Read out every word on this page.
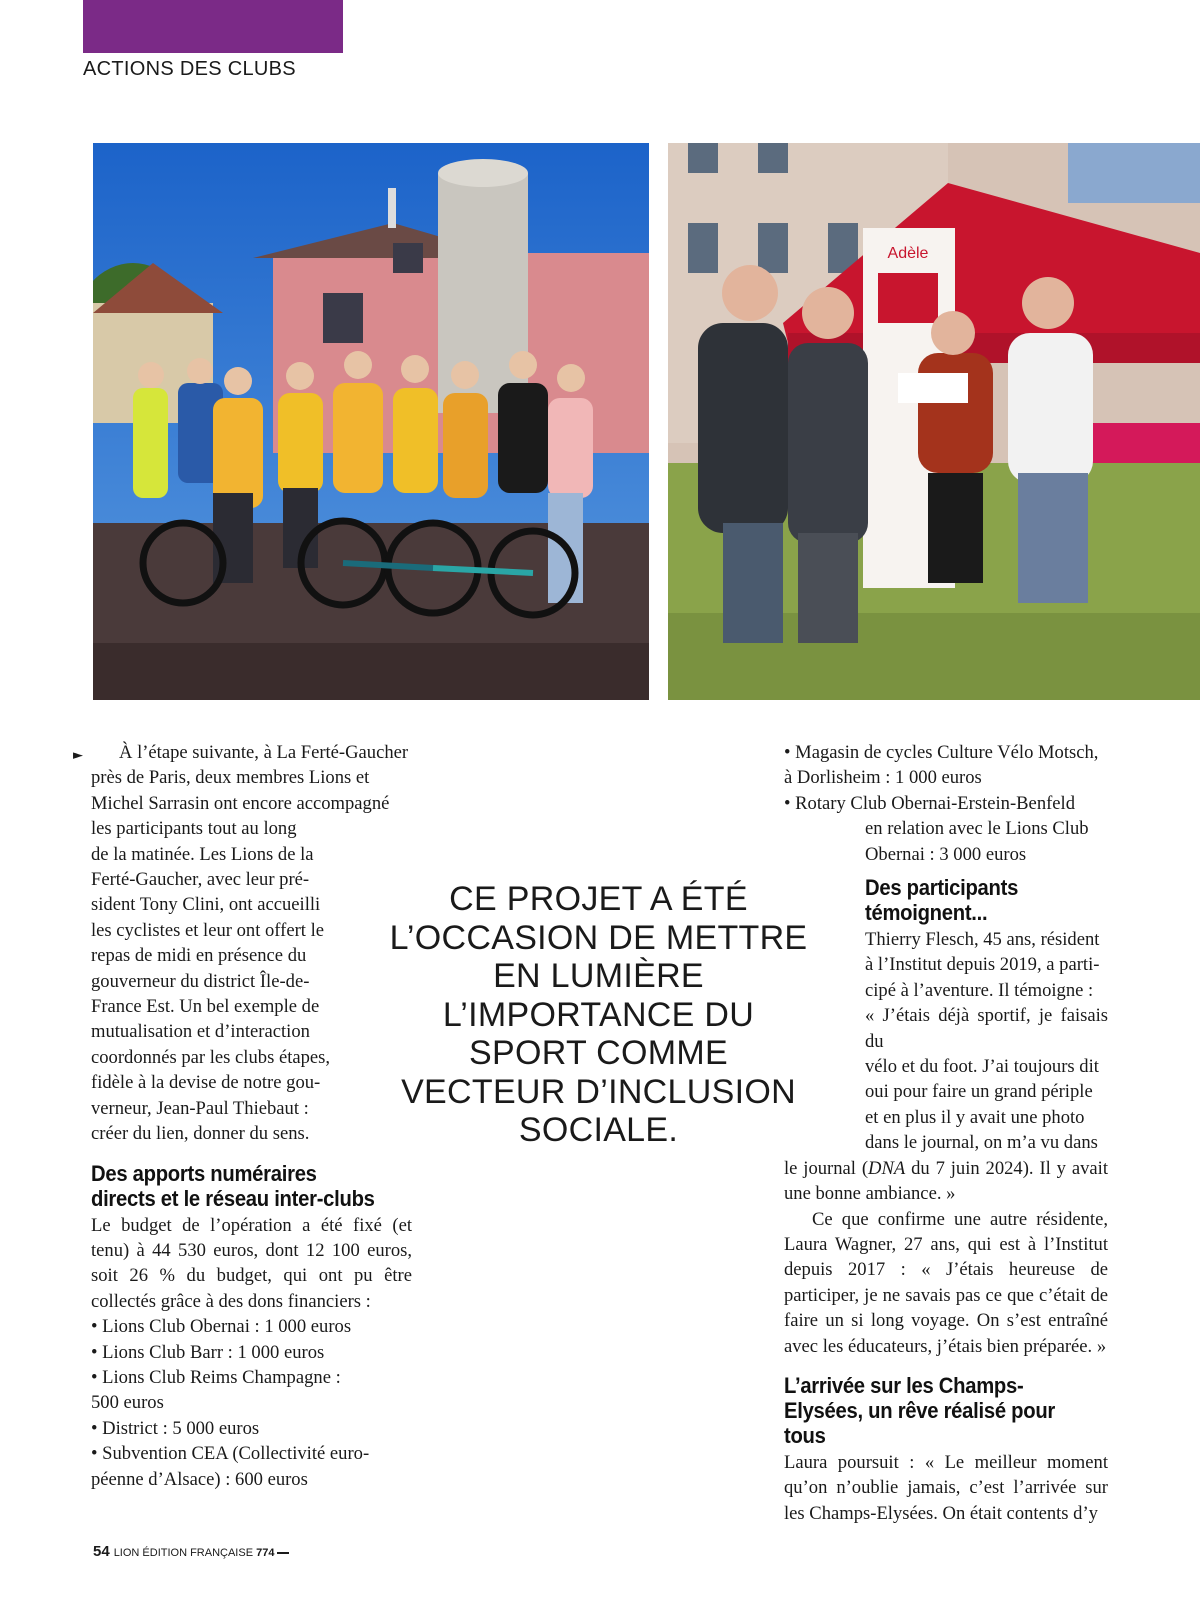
ACTIONS DES CLUBS
Adèle
►	À l’étape suivante, à La Ferté-Gaucher

près de Paris, deux membres Lions et

Michel Sarrasin ont encore accompagné

les participants tout au long

de la matinée. Les Lions de la

Ferté-Gaucher, avec leur pré-

sident Tony Clini, ont accueilli

les cyclistes et leur ont offert le

repas de midi en présence du

gouverneur du district Île-de-

France Est. Un bel exemple de

mutualisation et d’interaction

coordonnés par les clubs étapes,

fidèle à la devise de notre gou-

verneur, Jean-Paul Thiebaut :

créer du lien, donner du sens.

Des apports numéraires directs et le réseau inter-clubs

Le budget de l’opération a été fixé (et tenu) à 44 530 euros, dont 12 100 euros, soit 26 % du budget, qui ont pu être collectés grâce à des dons financiers :

• Lions Club Obernai : 1 000 euros

• Lions Club Barr : 1 000 euros

• Lions Club Reims Champagne :

500 euros

• District : 5 000 euros

• Subvention CEA (Collectivité euro-

péenne d’Alsace) : 600 euros

CE PROJET A ÉTÉ L’OCCASION DE METTRE EN LUMIÈRE L’IMPORTANCE DU SPORT COMME VECTEUR D’INCLUSION SOCIALE.

• Magasin de cycles Culture Vélo Motsch,

à Dorlisheim : 1 000 euros

• Rotary Club Obernai-Erstein-Benfeld

en relation avec le Lions Club

Obernai : 3 000 euros

Des participants témoignent...

Thierry Flesch, 45 ans, résident

à l’Institut depuis 2019, a parti-

cipé à l’aventure. Il témoigne :

« J’étais déjà sportif, je faisais du

vélo et du foot. J’ai toujours dit

oui pour faire un grand périple

et en plus il y avait une photo

dans le journal, on m’a vu dans

le journal (DNA du 7 juin 2024). Il y avait une bonne ambiance. »

Ce que confirme une autre résidente, Laura Wagner, 27 ans, qui est à l’Institut depuis 2017 : « J’étais heureuse de participer, je ne savais pas ce que c’était de faire un si long voyage. On s’est entraîné avec les éducateurs, j’étais bien préparée. »

L’arrivée sur les Champs-Elysées, un rêve réalisé pour tous

Laura poursuit : « Le meilleur moment qu’on n’oublie jamais, c’est l’arrivée sur les Champs-Elysées. On était contents d’y

54 LION ÉDITION FRANÇAISE 774
